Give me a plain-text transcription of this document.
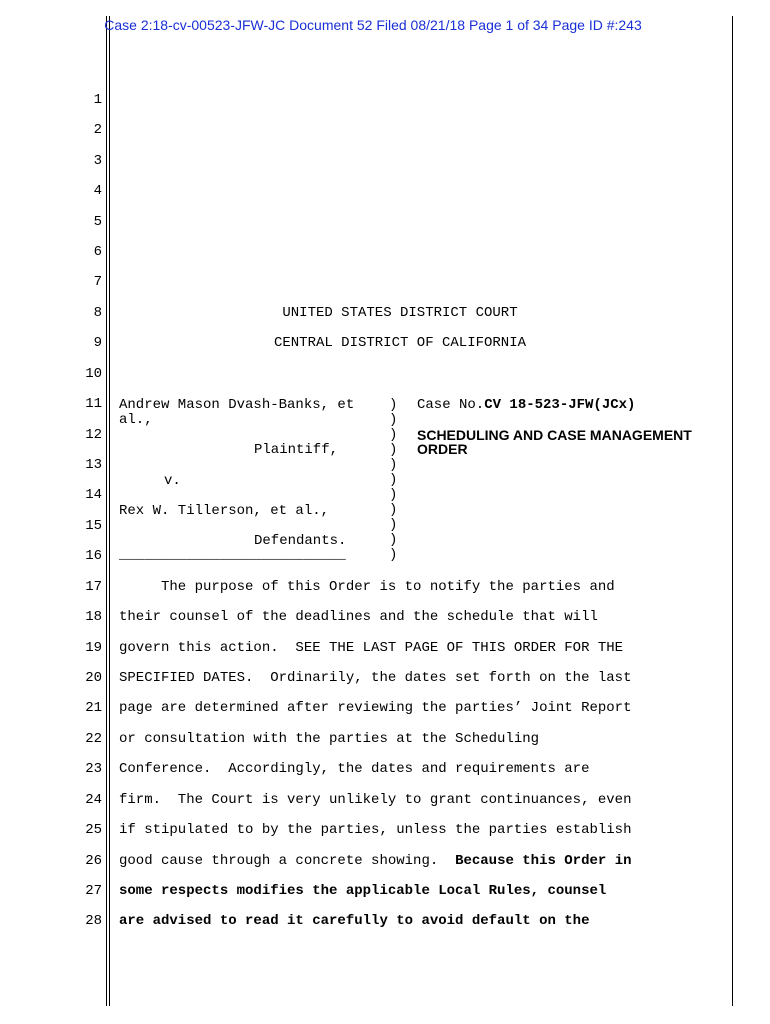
Case 2:18-cv-00523-JFW-JC Document 52 Filed 08/21/18 Page 1 of 34 Page ID #:243
1
2
3
4
5
6
7
8
9
10
11
12
13
14
15
16
17
18
19
20
21
22
23
24
25
26
27
28
UNITED STATES DISTRICT COURT
CENTRAL DISTRICT OF CALIFORNIA
Andrew Mason Dvash-Banks, et
al.,
Plaintiff,
v.
Rex W. Tillerson, et al.,
Defendants.
___________________________
)
)
)
)
)
)
)
)
)
)
)
Case No.CV 18-523-JFW(JCx)
SCHEDULING AND CASE MANAGEMENT
ORDER
The purpose of this Order is to notify the parties and
their counsel of the deadlines and the schedule that will
govern this action.  SEE THE LAST PAGE OF THIS ORDER FOR THE
SPECIFIED DATES.  Ordinarily, the dates set forth on the last
page are determined after reviewing the parties’ Joint Report
or consultation with the parties at the Scheduling
Conference.  Accordingly, the dates and requirements are
firm.  The Court is very unlikely to grant continuances, even
if stipulated to by the parties, unless the parties establish
good cause through a concrete showing.  Because this Order in
some respects modifies the applicable Local Rules, counsel
are advised to read it carefully to avoid default on the
